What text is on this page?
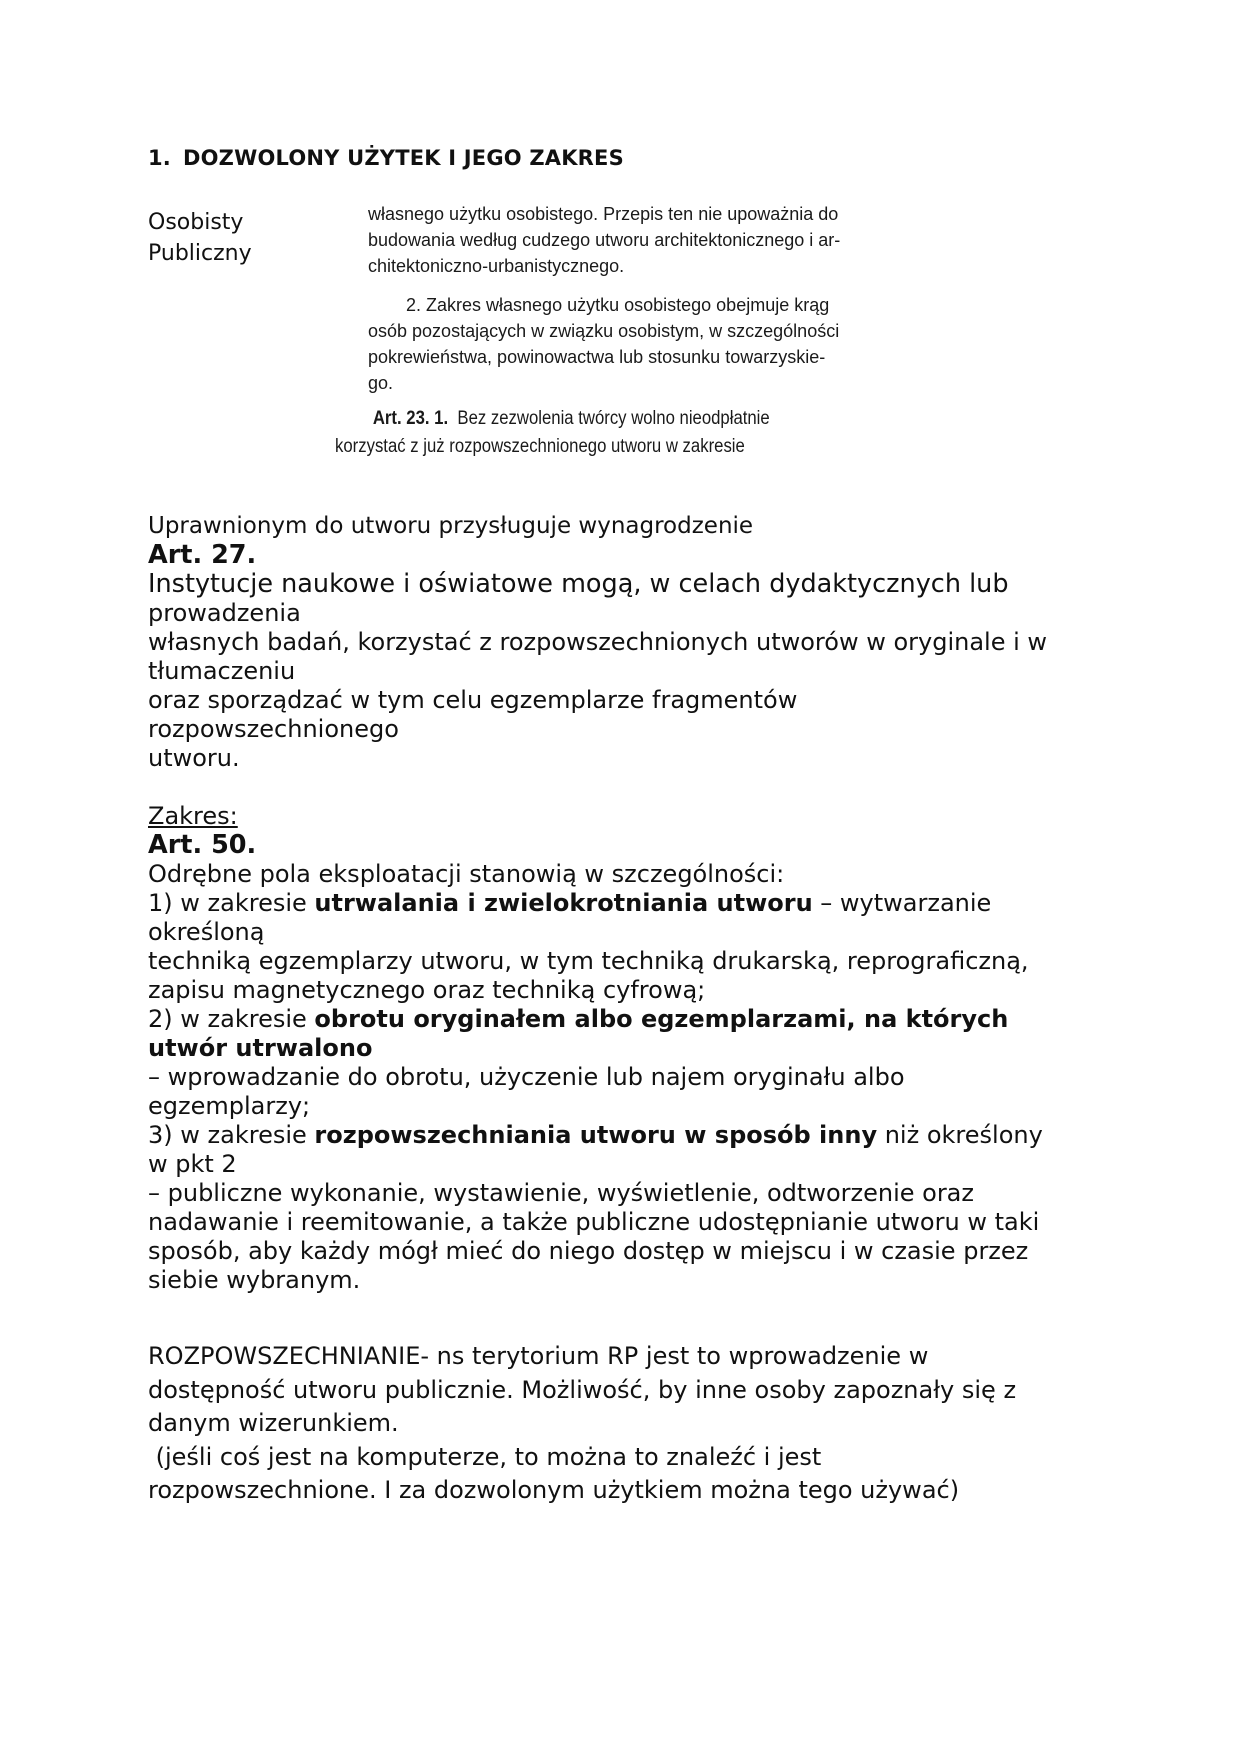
1. DOZWOLONY UŻYTEK I JEGO ZAKRES
Osobisty
Publiczny
własnego użytku osobistego. Przepis ten nie upoważnia do
budowania według cudzego utworu architektonicznego i ar-
chitektoniczno-urbanistycznego.
2. Zakres własnego użytku osobistego obejmuje krąg
osób pozostających w związku osobistym, w szczególności
pokrewieństwa, powinowactwa lub stosunku towarzyskie-
go.
Art. 23. 1. Bez zezwolenia twórcy wolno nieodpłatnie
korzystać z już rozpowszechnionego utworu w zakresie
Uprawnionym do utworu przysługuje wynagrodzenie
Art. 27.
Instytucje naukowe i oświatowe mogą, w celach dydaktycznych lub
prowadzenia
własnych badań, korzystać z rozpowszechnionych utworów w oryginale i w
tłumaczeniu
oraz sporządzać w tym celu egzemplarze fragmentów
rozpowszechnionego
utworu.
Zakres:
Art. 50.
Odrębne pola eksploatacji stanowią w szczególności:
1) w zakresie utrwalania i zwielokrotniania utworu – wytwarzanie
określoną
techniką egzemplarzy utworu, w tym techniką drukarską, reprograficzną,
zapisu magnetycznego oraz techniką cyfrową;
2) w zakresie obrotu oryginałem albo egzemplarzami, na których
utwór utrwalono
– wprowadzanie do obrotu, użyczenie lub najem oryginału albo
egzemplarzy;
3) w zakresie rozpowszechniania utworu w sposób inny niż określony
w pkt 2
– publiczne wykonanie, wystawienie, wyświetlenie, odtworzenie oraz
nadawanie i reemitowanie, a także publiczne udostępnianie utworu w taki
sposób, aby każdy mógł mieć do niego dostęp w miejscu i w czasie przez
siebie wybranym.
ROZPOWSZECHNIANIE- ns terytorium RP jest to wprowadzenie w
dostępność utworu publicznie. Możliwość, by inne osoby zapoznały się z
danym wizerunkiem.
(jeśli coś jest na komputerze, to można to znaleźć i jest
rozpowszechnione. I za dozwolonym użytkiem można tego używać)
